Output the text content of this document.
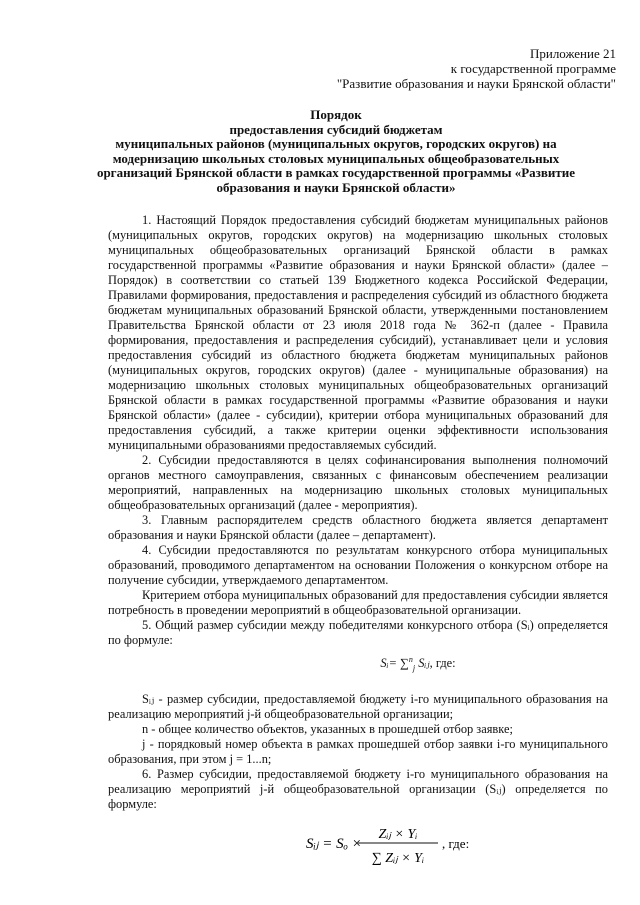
Приложение 21
к государственной программе
"Развитие образования и науки Брянской области"
Порядок
предоставления субсидий бюджетам
муниципальных районов (муниципальных округов, городских округов) на
модернизацию школьных столовых муниципальных общеобразовательных
организаций Брянской области в рамках государственной программы «Развитие
образования и науки Брянской области»

1. Настоящий Порядок предоставления субсидий бюджетам муниципальных районов (муниципальных округов, городских округов) на модернизацию школьных столовых муниципальных общеобразовательных организаций Брянской области в рамках государственной программы «Развитие образования и науки Брянской области» (далее – Порядок) в соответствии со статьей 139 Бюджетного кодекса Российской Федерации, Правилами формирования, предоставления и распределения субсидий из областного бюджета бюджетам муниципальных образований Брянской области, утвержденными постановлением Правительства Брянской области от 23 июля 2018 года № 362-п (далее - Правила формирования, предоставления и распределения субсидий), устанавливает цели и условия предоставления субсидий из областного бюджета бюджетам муниципальных районов (муниципальных округов, городских округов) (далее - муниципальные образования) на модернизацию школьных столовых муниципальных общеобразовательных организаций Брянской области в рамках государственной программы «Развитие образования и науки Брянской области» (далее - субсидии), критерии отбора муниципальных образований для предоставления субсидий, а также критерии оценки эффективности использования муниципальными образованиями предоставляемых субсидий.

2. Субсидии предоставляются в целях софинансирования выполнения полномочий органов местного самоуправления, связанных с финансовым обеспечением реализации мероприятий, направленных на модернизацию школьных столовых муниципальных общеобразовательных организаций (далее - мероприятия).

3. Главным распорядителем средств областного бюджета является департамент образования и науки Брянской области (далее – департамент).

4. Субсидии предоставляются по результатам конкурсного отбора муниципальных образований, проводимого департаментом на основании Положения о конкурсном отборе на получение субсидии, утверждаемого департаментом.

Критерием отбора муниципальных образований для предоставления субсидии является потребность в проведении мероприятий в общеобразовательной организации.

5. Общий размер субсидии между победителями конкурсного отбора (Sᵢ) определяется по формуле:

Sᵢ= ∑$^n_j$ Sᵢⱼ, где:

Sᵢⱼ - размер субсидии, предоставляемой бюджету i-го муниципального образования на реализацию мероприятий j-й общеобразовательной организации;

n - общее количество объектов, указанных в прошедшей отбор заявке;

j - порядковый номер объекта в рамках прошедшей отбор заявки i-го муниципального образования, при этом j = 1...n;

6. Размер субсидии, предоставляемой бюджету i-го муниципального образования на реализацию мероприятий j-й общеобразовательной организации (Sᵢⱼ) определяется по формуле:

Sᵢⱼ = Sₒ ×
Zᵢⱼ × Yᵢ
∑ Zᵢⱼ × Yᵢ
, где:
